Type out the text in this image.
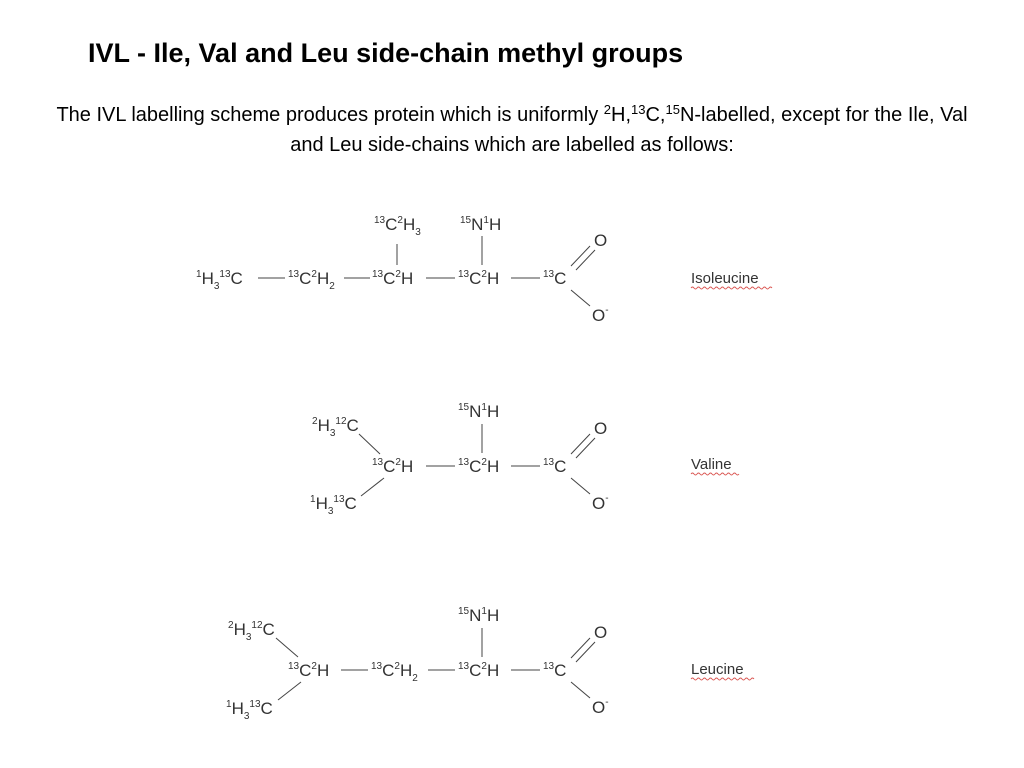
IVL - Ile, Val and Leu side-chain methyl groups
The IVL labelling scheme produces protein which is uniformly $^2$H,$^{13}$C,$^{15}$N-labelled, except for the Ile, Val and Leu side-chains which are labelled as follows:
$^1H_3^{13}C$	$^{13}C^2H_2$
$^{13}C^2H$	$^{13}C^2H$	$^{13}$C
$^{13}C^2H_3$
$^{15}N^1H$
O
O-
Isoleucine
$^2H_3^{12}C$
$^1H_3^{13}C$
$^{13}C^2H$	$^{13}C^2H$	$^{13}$C
$^{15}N^1H$
O
O-
Valine
$^2H_3^{12}C$
$^1H_3^{13}C$
$^{13}C^2H$	$^{13}C^2H_2$
$^{13}C^2H$	$^{13}$C
$^{15}N^1H$
O
O-
Leucine
